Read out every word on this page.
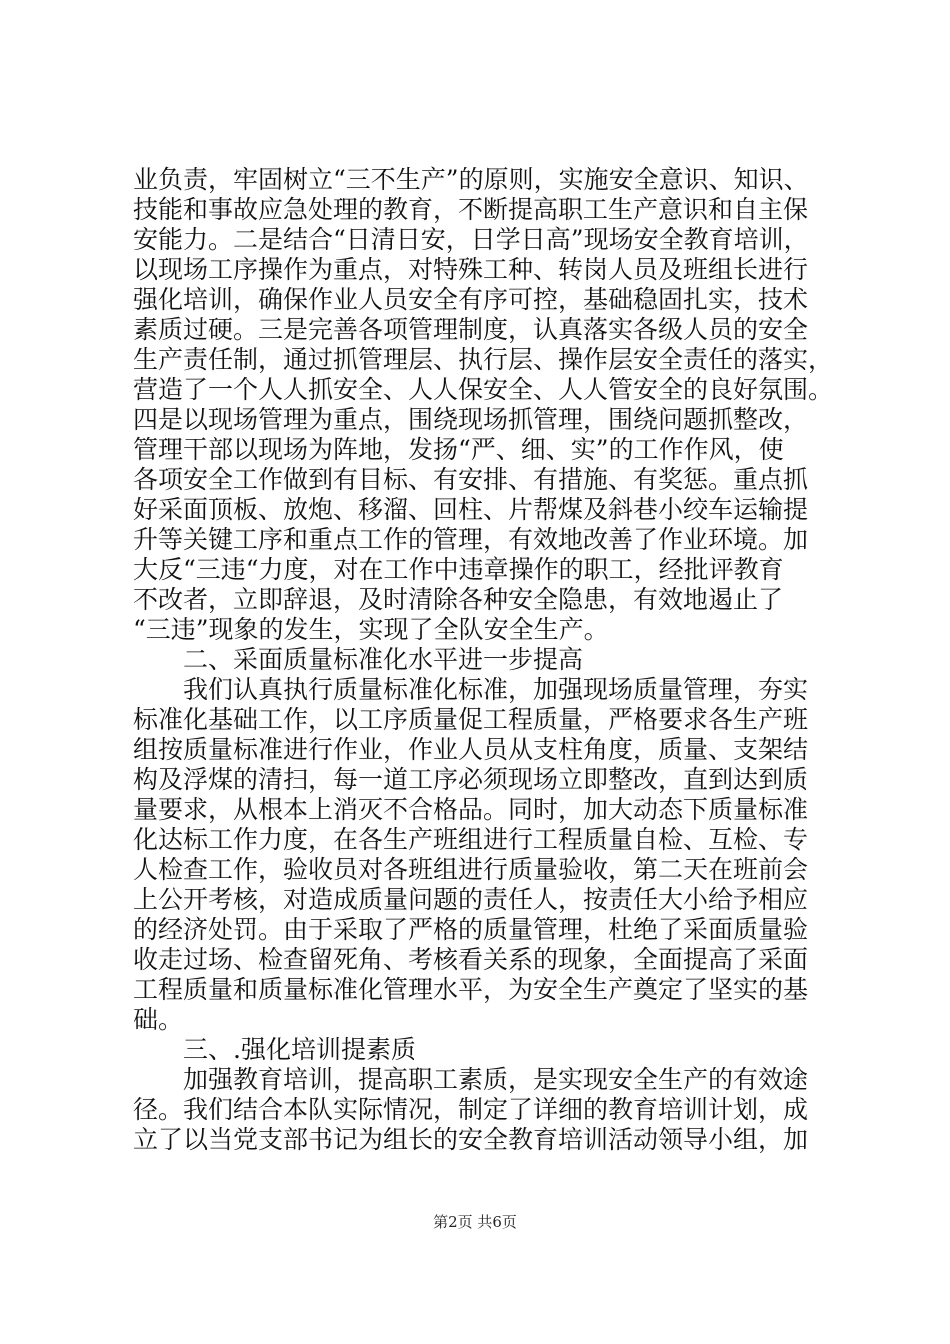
业负责，牢固树立“三不生产”的原则，实施安全意识、知识、
技能和事故应急处理的教育，不断提高职工生产意识和自主保
安能力。二是结合“日清日安，日学日高”现场安全教育培训，
以现场工序操作为重点，对特殊工种、转岗人员及班组长进行
强化培训，确保作业人员安全有序可控，基础稳固扎实，技术
素质过硬。三是完善各项管理制度，认真落实各级人员的安全
生产责任制，通过抓管理层、执行层、操作层安全责任的落实，
营造了一个人人抓安全、人人保安全、人人管安全的良好氛围。
四是以现场管理为重点，围绕现场抓管理，围绕问题抓整改，
管理干部以现场为阵地，发扬“严、细、实”的工作作风，使
各项安全工作做到有目标、有安排、有措施、有奖惩。重点抓
好采面顶板、放炮、移溜、回柱、片帮煤及斜巷小绞车运输提
升等关键工序和重点工作的管理，有效地改善了作业环境。加
大反“三违“力度，对在工作中违章操作的职工，经批评教育
不改者，立即辞退，及时清除各种安全隐患，有效地遏止了
“三违”现象的发生，实现了全队安全生产。
二、采面质量标准化水平进一步提高
我们认真执行质量标准化标准，加强现场质量管理，夯实
标准化基础工作，以工序质量促工程质量，严格要求各生产班
组按质量标准进行作业，作业人员从支柱角度，质量、支架结
构及浮煤的清扫，每一道工序必须现场立即整改，直到达到质
量要求，从根本上消灭不合格品。同时，加大动态下质量标准
化达标工作力度，在各生产班组进行工程质量自检、互检、专
人检查工作，验收员对各班组进行质量验收，第二天在班前会
上公开考核，对造成质量问题的责任人，按责任大小给予相应
的经济处罚。由于采取了严格的质量管理，杜绝了采面质量验
收走过场、检查留死角、考核看关系的现象，全面提高了采面
工程质量和质量标准化管理水平，为安全生产奠定了坚实的基
础。
三、.强化培训提素质
加强教育培训，提高职工素质，是实现安全生产的有效途
径。我们结合本队实际情况，制定了详细的教育培训计划，成
立了以当党支部书记为组长的安全教育培训活动领导小组，加
第2页 共6页
